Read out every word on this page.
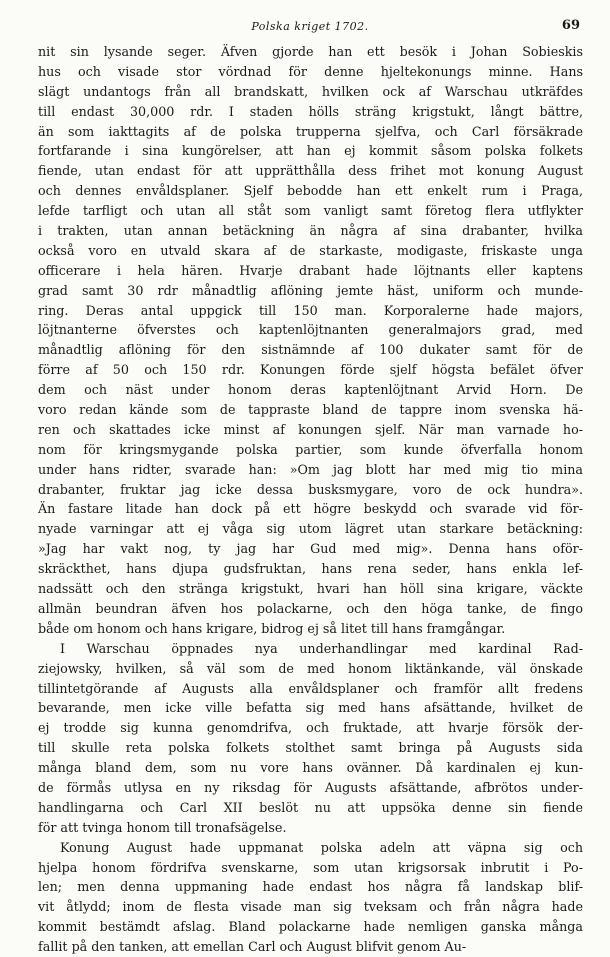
Polska kriget 1702.	69
nit sin lysande seger. Äfven gjorde han ett besök i Johan Sobieskis
hus och visade stor vördnad för denne hjeltekonungs minne. Hans
slägt undantogs från all brandskatt, hvilken ock af Warschau utkräfdes
till endast 30,000 rdr. I staden hölls sträng krigstukt, långt bättre,
än som iakttagits af de polska trupperna sjelfva, och Carl försäkrade
fortfarande i sina kungörelser, att han ej kommit såsom polska folkets
fiende, utan endast för att upprätthålla dess frihet mot konung August
och dennes envåldsplaner. Sjelf bebodde han ett enkelt rum i Praga,
lefde tarfligt och utan all ståt som vanligt samt företog flera utflykter
i trakten, utan annan betäckning än några af sina drabanter, hvilka
också voro en utvald skara af de starkaste, modigaste, friskaste unga
officerare i hela hären. Hvarje drabant hade löjtnants eller kaptens
grad samt 30 rdr månadtlig aflöning jemte häst, uniform och munde-
ring. Deras antal uppgick till 150 man. Korporalerne hade majors,
löjtnanterne öfverstes och kaptenlöjtnanten generalmajors grad, med
månadtlig aflöning för den sistnämnde af 100 dukater samt för de
förre af 50 och 150 rdr. Konungen förde sjelf högsta befälet öfver
dem och näst under honom deras kaptenlöjtnant Arvid Horn. De
voro redan kände som de tappraste bland de tappre inom svenska hä-
ren och skattades icke minst af konungen sjelf. När man varnade ho-
nom för kringsmygande polska partier, som kunde öfverfalla honom
under hans ridter, svarade han: »Om jag blott har med mig tio mina
drabanter, fruktar jag icke dessa busksmygare, voro de ock hundra».
Än fastare litade han dock på ett högre beskydd och svarade vid för-
nyade varningar att ej våga sig utom lägret utan starkare betäckning:
»Jag har vakt nog, ty jag har Gud med mig». Denna hans oför-
skräckthet, hans djupa gudsfruktan, hans rena seder, hans enkla lef-
nadssätt och den stränga krigstukt, hvari han höll sina krigare, väckte
allmän beundran äfven hos polackarne, och den höga tanke, de fingo
både om honom och hans krigare, bidrog ej så litet till hans framgångar.
I Warschau öppnades nya underhandlingar med kardinal Rad-
ziejowsky, hvilken, så väl som de med honom liktänkande, väl önskade
tillintetgörande af Augusts alla envåldsplaner och framför allt fredens
bevarande, men icke ville befatta sig med hans afsättande, hvilket de
ej trodde sig kunna genomdrifva, och fruktade, att hvarje försök der-
till skulle reta polska folkets stolthet samt bringa på Augusts sida
många bland dem, som nu vore hans ovänner. Då kardinalen ej kun-
de förmås utlysa en ny riksdag för Augusts afsättande, afbrötos under-
handlingarna och Carl XII beslöt nu att uppsöka denne sin fiende
för att tvinga honom till tronafsägelse.
Konung August hade uppmanat polska adeln att väpna sig och
hjelpa honom fördrifva svenskarne, som utan krigsorsak inbrutit i Po-
len; men denna uppmaning hade endast hos några få landskap blif-
vit åtlydd; inom de flesta visade man sig tveksam och från några hade
kommit bestämdt afslag. Bland polackarne hade nemligen ganska många
fallit på den tanken, att emellan Carl och August blifvit genom Au-
